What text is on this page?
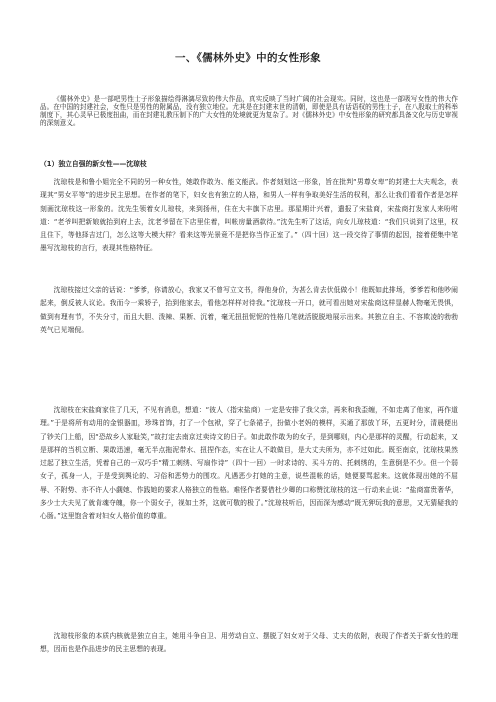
一、《儒林外史》中的女性形象

《儒林外史》是一部吧男性士子形象描绘得淋漓尽致的伟大作品，真实反映了当时广阔的社会现实。同时，这也是一部吸写女性的伟大作品。在中国的封建社会，女性只是男性的附属品，没有独立地位。尤其是在封建末世的清朝，即使是具有话语权的男性士子，在八股取士的科举制度下，其心灵早已极度扭曲，而在封建礼教压制下的广大女性的处境就更为复杂了。对《儒林外史》中女性形象的研究都具备文化与历史审视的深刻意义。

（1）独立自强的新女性——沈琼枝

沈琼枝是和鲁小姐完全不同的另一种女性，她敢作敢为、能文能武。作者刻划这一形象，旨在批判“男尊女卑”的封建士大夫观念，表现其“男女平等”的进步民主思想。在作者的笔下，妇女也有独立的人格，和男人一样有争取美好生活的权利，那么让我们看看作者是怎样刻画沈琼枝这一形象的。沈先生领着女儿琼枝，来到扬州，住在大丰旗下店里。那星期计兴着，遣报了宋盐商，宋盐商打发家人来吩咐道：“老爷叫把新娘就抬到府上去，沈老爷留在下店里住着，叫帐房量酒款待。”沈先生听了这话，向女儿琼枝道：“我们只说到了这里，权且住下，等他择吉过门，怎么这等大模大样？看来这等光景竟不是把你当作正室了。”（四十回）这一段交待了事情的起因，接着便集中笔墨写沈琼枝的言行，表现其性格特征。

沈琼枝接过父亲的话说：“爹爹，你请放心，我家又不曾写立文书，得他身价，为甚么肯去伏低做小！他既如此排场，爹爹若和他吵闹起来，倒反被人议论。我而今一乘轿子，抬到他家去，看他怎样样对待我。”沈琼枝一开口，就可看出她对宋盐商这样显赫人物毫无畏惧，做到有理有节，不失分寸，而且大胆、泼辣、果断、沉着，毫无扭扭怩怩的性格几笔就活脱脱地展示出来。其独立自主、不容欺凌的勃勃英气已见端倪。

沈琼枝在宋盐商家住了几天，不见有消息，想道：“彼人（指宋盐商）一定是安排了我父亲，再来和我歪缠，不如走离了他家，再作道理。”于是将所有动用的金银器皿，珍珠首饰，打了一个包袱，穿了七条裙子，扮做小老妈的模样，买通了那放丫环，五更时分，清晨便出了钞关门上船，因“恐故乡人家耻笑，”故打定去南京过卖诗文的日子。如此敢作敢为的女子，是到哪则，内心是那样的灵醒，行动起来，又是那样的当机立断、果敢迅速，毫无半点拖泥带水、扭捏作态，实在让人不敢做目，是大丈夫所为，亦不过如此。既至南京，沈琼枝果然过起了独立生活，凭着自己的一双巧手“精工刺绣、写扇作诗”（四十一回）一时求诗的、买斗方的、托刺绣的，生意倒是不少。但一个弱女子，孤身一人，于是受到舆论的、习俗和恶势力的围攻。凡遇恶少打她的主意，说些混帐的话，她便要骂起来。这就体现出她的不屈辱、不附势、亦不许人小觑她、作践她的要求人格独立的性格。难怪作者要借杜少卿的口称赞沈琼枝的这一行动来止说：“盐商富贵奢华，多少士大夫见了就肯魂夺魄，你一个弱女子，视如土芥，这就可敬的极了。”沈琼枝听后，因而深为感动“既无狎玩我的意思，又无猜疑我的心肠。”这里饱含着对妇女人格价值的尊重。

沈琼枝形象的本质内核就是独立自主，她用斗争自卫、用劳动自立、摆脱了妇女对于父母、丈夫的依附，表现了作者关于新女性的理想，因而也是作品进步的民主思想的表现。
